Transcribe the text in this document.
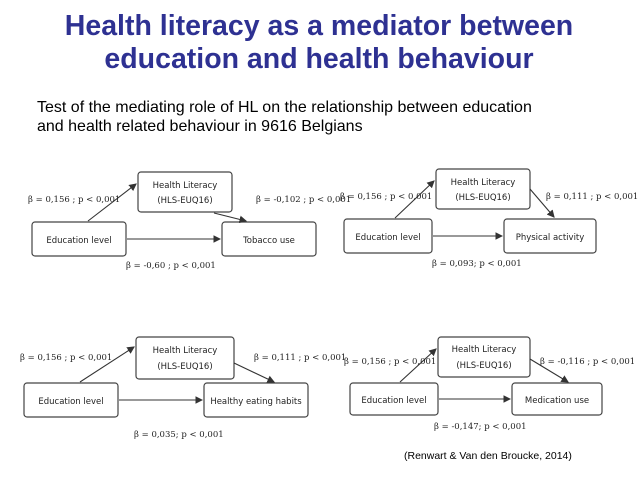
Health literacy as a mediator between
education and health behaviour
Test of the mediating role of HL on the relationship between education
and health related behaviour in 9616 Belgians
Health Literacy
(HLS-EUQ16)
Education level	Tobacco use
β = 0,156 ; p < 0,001	β = -0,102 ; p < 0,001
β = -0,60 ; p < 0,001
Health Literacy
(HLS-EUQ16)
Education level	Physical activity
β = 0,156 ; p < 0,001	β = 0,111 ; p < 0,001
β = 0,093; p < 0,001
Health Literacy
(HLS-EUQ16)
Education level	Healthy eating habits
β = 0,156 ; p < 0,001	β = 0,111 ; p < 0,001
β = 0,035; p < 0,001
Health Literacy
(HLS-EUQ16)
Education level	Medication use
β = 0,156 ; p < 0,001	β = -0,116 ; p < 0,001
β = -0,147; p < 0,001
(Renwart & Van den Broucke, 2014)
